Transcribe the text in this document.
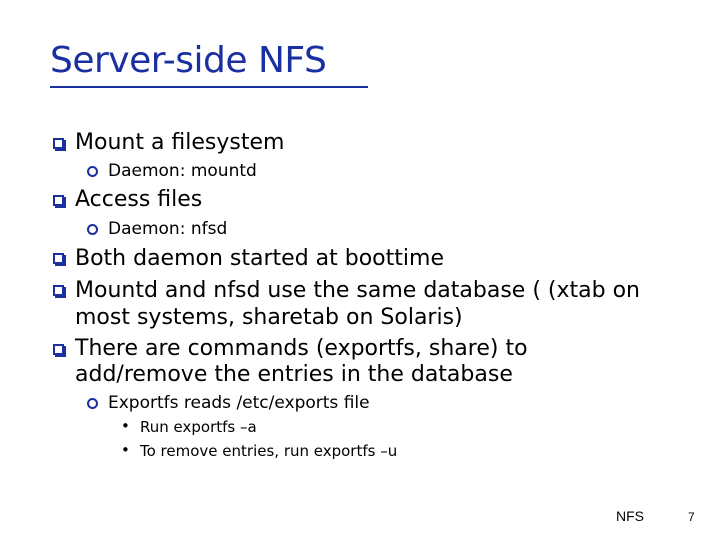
Server-side NFS
Mount a filesystem
Daemon: mountd
Access files
Daemon: nfsd
Both daemon started at boottime
Mountd and nfsd use the same database ( (xtab on
most systems, sharetab on Solaris)
There are commands (exportfs, share) to
add/remove the entries in the database
Exportfs reads /etc/exports file
• Run exportfs –a
• To remove entries, run exportfs –u
NFS	7
